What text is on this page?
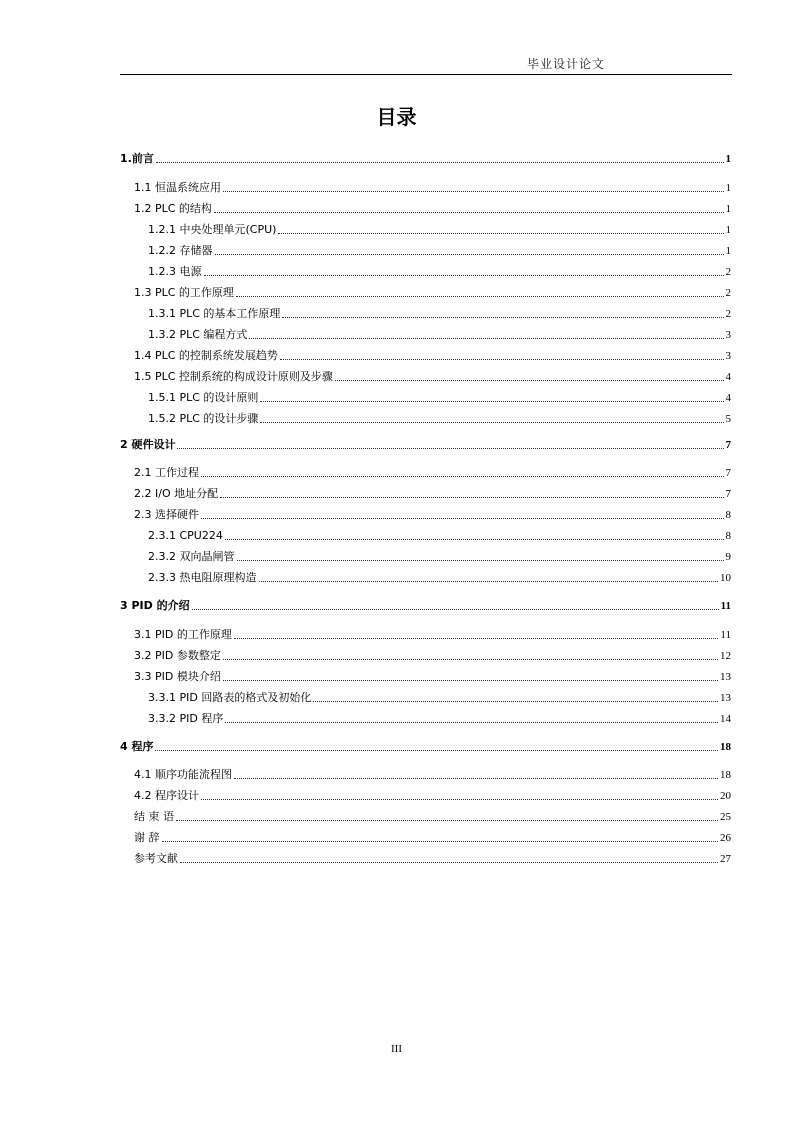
毕业设计论文
目录
1.前言	1
1.1 恒温系统应用	1
1.2 PLC 的结构	1
1.2.1 中央处理单元(CPU)	1
1.2.2 存储器	1
1.2.3 电源	2
1.3 PLC 的工作原理	2
1.3.1 PLC 的基本工作原理	2
1.3.2 PLC 编程方式	3
1.4 PLC 的控制系统发展趋势	3
1.5 PLC 控制系统的构成设计原则及步骤	4
1.5.1 PLC 的设计原则	4
1.5.2 PLC 的设计步骤	5
2 硬件设计	7
2.1 工作过程	7
2.2 I/O 地址分配	7
2.3 选择硬件	8
2.3.1 CPU224	8
2.3.2 双向晶闸管	9
2.3.3 热电阻原理构造	10
3 PID 的介绍	11
3.1 PID 的工作原理	11
3.2 PID 参数整定	12
3.3 PID 模块介绍	13
3.3.1 PID 回路表的格式及初始化	13
3.3.2 PID 程序	14
4 程序	18
4.1 顺序功能流程图	18
4.2 程序设计	20
结 束 语	25
谢 辞	26
参考文献	27
III
